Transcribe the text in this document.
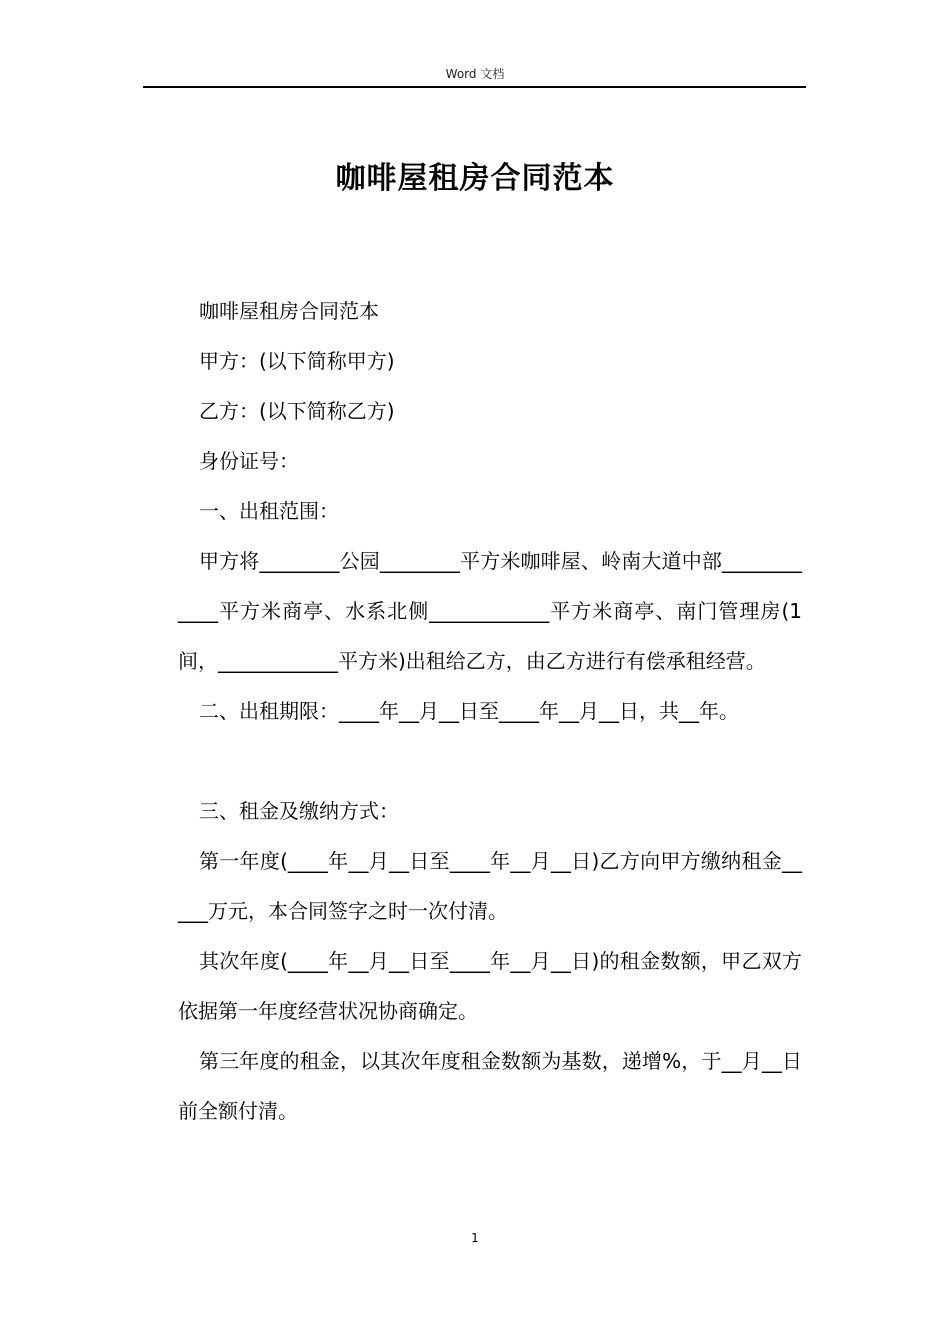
Word 文档
咖啡屋租房合同范本

咖啡屋租房合同范本

甲方：(以下简称甲方)

乙方：(以下简称乙方)

身份证号：

一、出租范围：

甲方将________公园________平方米咖啡屋、岭南大道中部____________平方米商亭、水系北侧____________平方米商亭、南门管理房(1间，____________平方米)出租给乙方，由乙方进行有偿承租经营。

二、出租期限：____年__月__日至____年__月__日，共__年。

三、租金及缴纳方式：

第一年度(____年__月__日至____年__月__日)乙方向甲方缴纳租金_____万元，本合同签字之时一次付清。

其次年度(____年__月__日至____年__月__日)的租金数额，甲乙双方依据第一年度经营状况协商确定。

第三年度的租金，以其次年度租金数额为基数，递增%，于__月__日前全额付清。

1
